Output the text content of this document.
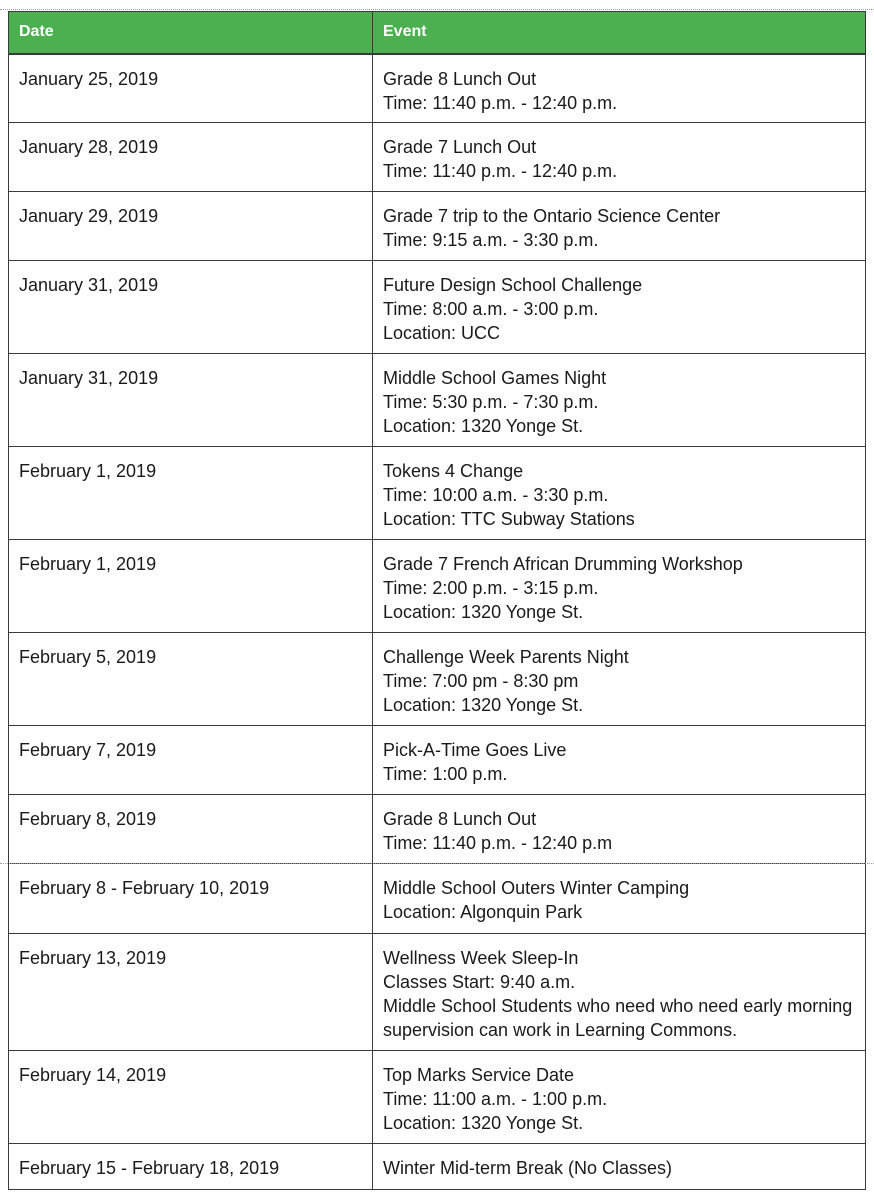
Date	Event
January 25, 2019	Grade 8 Lunch Out
Time: 11:40 p.m. - 12:40 p.m.

January 28, 2019	Grade 7 Lunch Out
Time: 11:40 p.m. - 12:40 p.m.

January 29, 2019	Grade 7 trip to the Ontario Science Center
Time: 9:15 a.m. - 3:30 p.m.

January 31, 2019	Future Design School Challenge
Time: 8:00 a.m. - 3:00 p.m.
Location: UCC

January 31, 2019	Middle School Games Night
Time: 5:30 p.m. - 7:30 p.m.
Location: 1320 Yonge St.

February 1, 2019	Tokens 4 Change
Time: 10:00 a.m. - 3:30 p.m.
Location: TTC Subway Stations

February 1, 2019	Grade 7 French African Drumming Workshop
Time: 2:00 p.m. - 3:15 p.m.
Location: 1320 Yonge St.

February 5, 2019	Challenge Week Parents Night
Time: 7:00 pm - 8:30 pm
Location: 1320 Yonge St.

February 7, 2019	Pick-A-Time Goes Live
Time: 1:00 p.m.

February 8, 2019	Grade 8 Lunch Out
Time: 11:40 p.m. - 12:40 p.m

February 8 - February 10, 2019	Middle School Outers Winter Camping
Location: Algonquin Park

February 13, 2019	Wellness Week Sleep-In
Classes Start: 9:40 a.m.
Middle School Students who need who need early morning supervision can work in Learning Commons.

February 14, 2019	Top Marks Service Date
Time: 11:00 a.m. - 1:00 p.m.
Location: 1320 Yonge St.

February 15 - February 18, 2019	Winter Mid-term Break (No Classes)
